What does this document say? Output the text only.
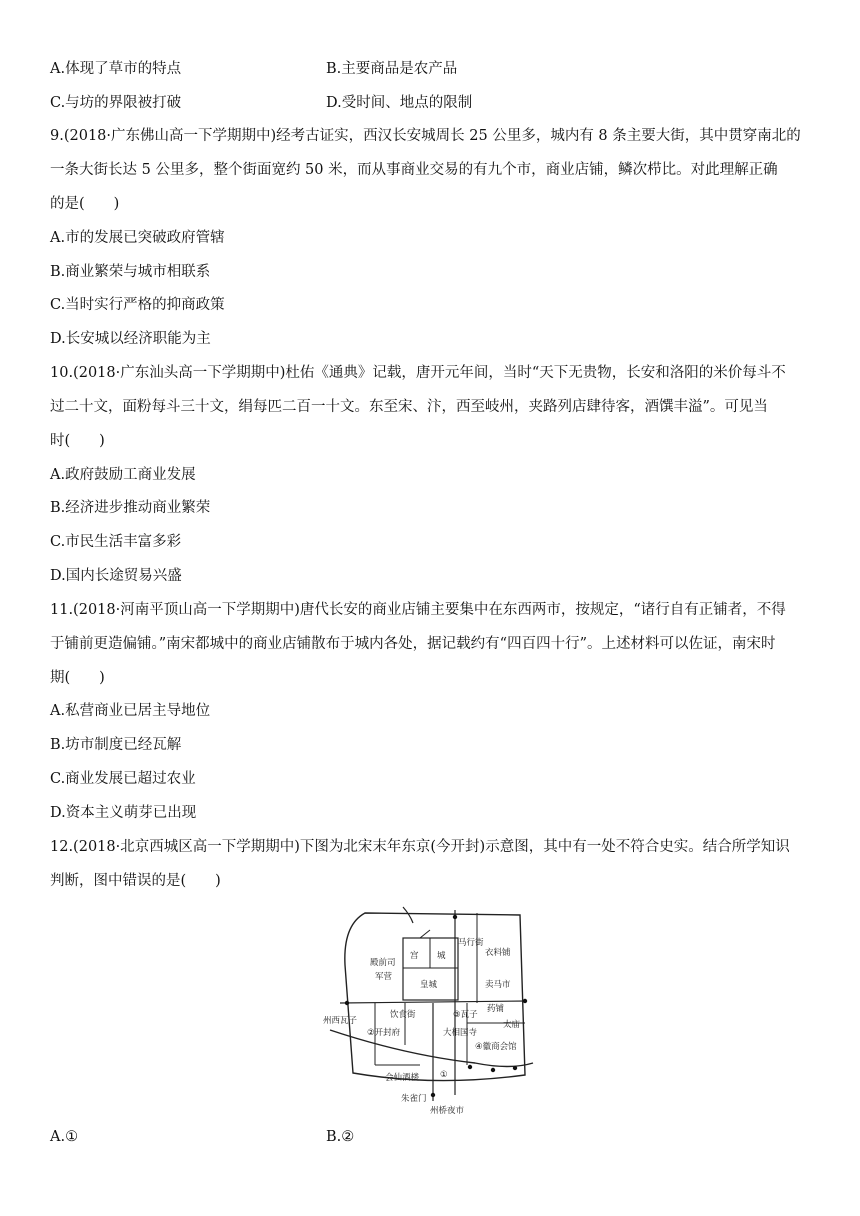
A.体现了草市的特点	B.主要商品是农产品
C.与坊的界限被打破	D.受时间、地点的限制
9.(2018·广东佛山高一下学期期中)经考古证实，西汉长安城周长 25 公里多，城内有 8 条主要大街，其中贯穿南北的
一条大街长达 5 公里多，整个街面宽约 50 米，而从事商业交易的有九个市，商业店铺，鳞次栉比。对此理解正确
的是(　　)
A.市的发展已突破政府管辖
B.商业繁荣与城市相联系
C.当时实行严格的抑商政策
D.长安城以经济职能为主
10.(2018·广东汕头高一下学期期中)杜佑《通典》记载，唐开元年间，当时“天下无贵物，长安和洛阳的米价每斗不
过二十文，面粉每斗三十文，绢每匹二百一十文。东至宋、汴，西至岐州，夹路列店肆待客，酒馔丰溢”。可见当
时(　　)
A.政府鼓励工商业发展
B.经济进步推动商业繁荣
C.市民生活丰富多彩
D.国内长途贸易兴盛
11.(2018·河南平顶山高一下学期期中)唐代长安的商业店铺主要集中在东西两市，按规定，“诸行自有正铺者，不得
于铺前更造偏铺。”南宋都城中的商业店铺散布于城内各处，据记载约有“四百四十行”。上述材料可以佐证，南宋时
期(　　)
A.私营商业已居主导地位
B.坊市制度已经瓦解
C.商业发展已超过农业
D.资本主义萌芽已出现
12.(2018·北京西城区高一下学期期中)下图为北宋末年东京(今开封)示意图，其中有一处不符合史实。结合所学知识
判断，图中错误的是(　　)
宫 城
马行街
衣料铺
殿前司
军营
皇城	卖马市
药铺
饮食街	③瓦子
②开封府
太庙
大相国寺
④徽商会馆
州西瓦子
会仙酒楼 ①
朱雀门
州桥夜市
A.①	B.②
